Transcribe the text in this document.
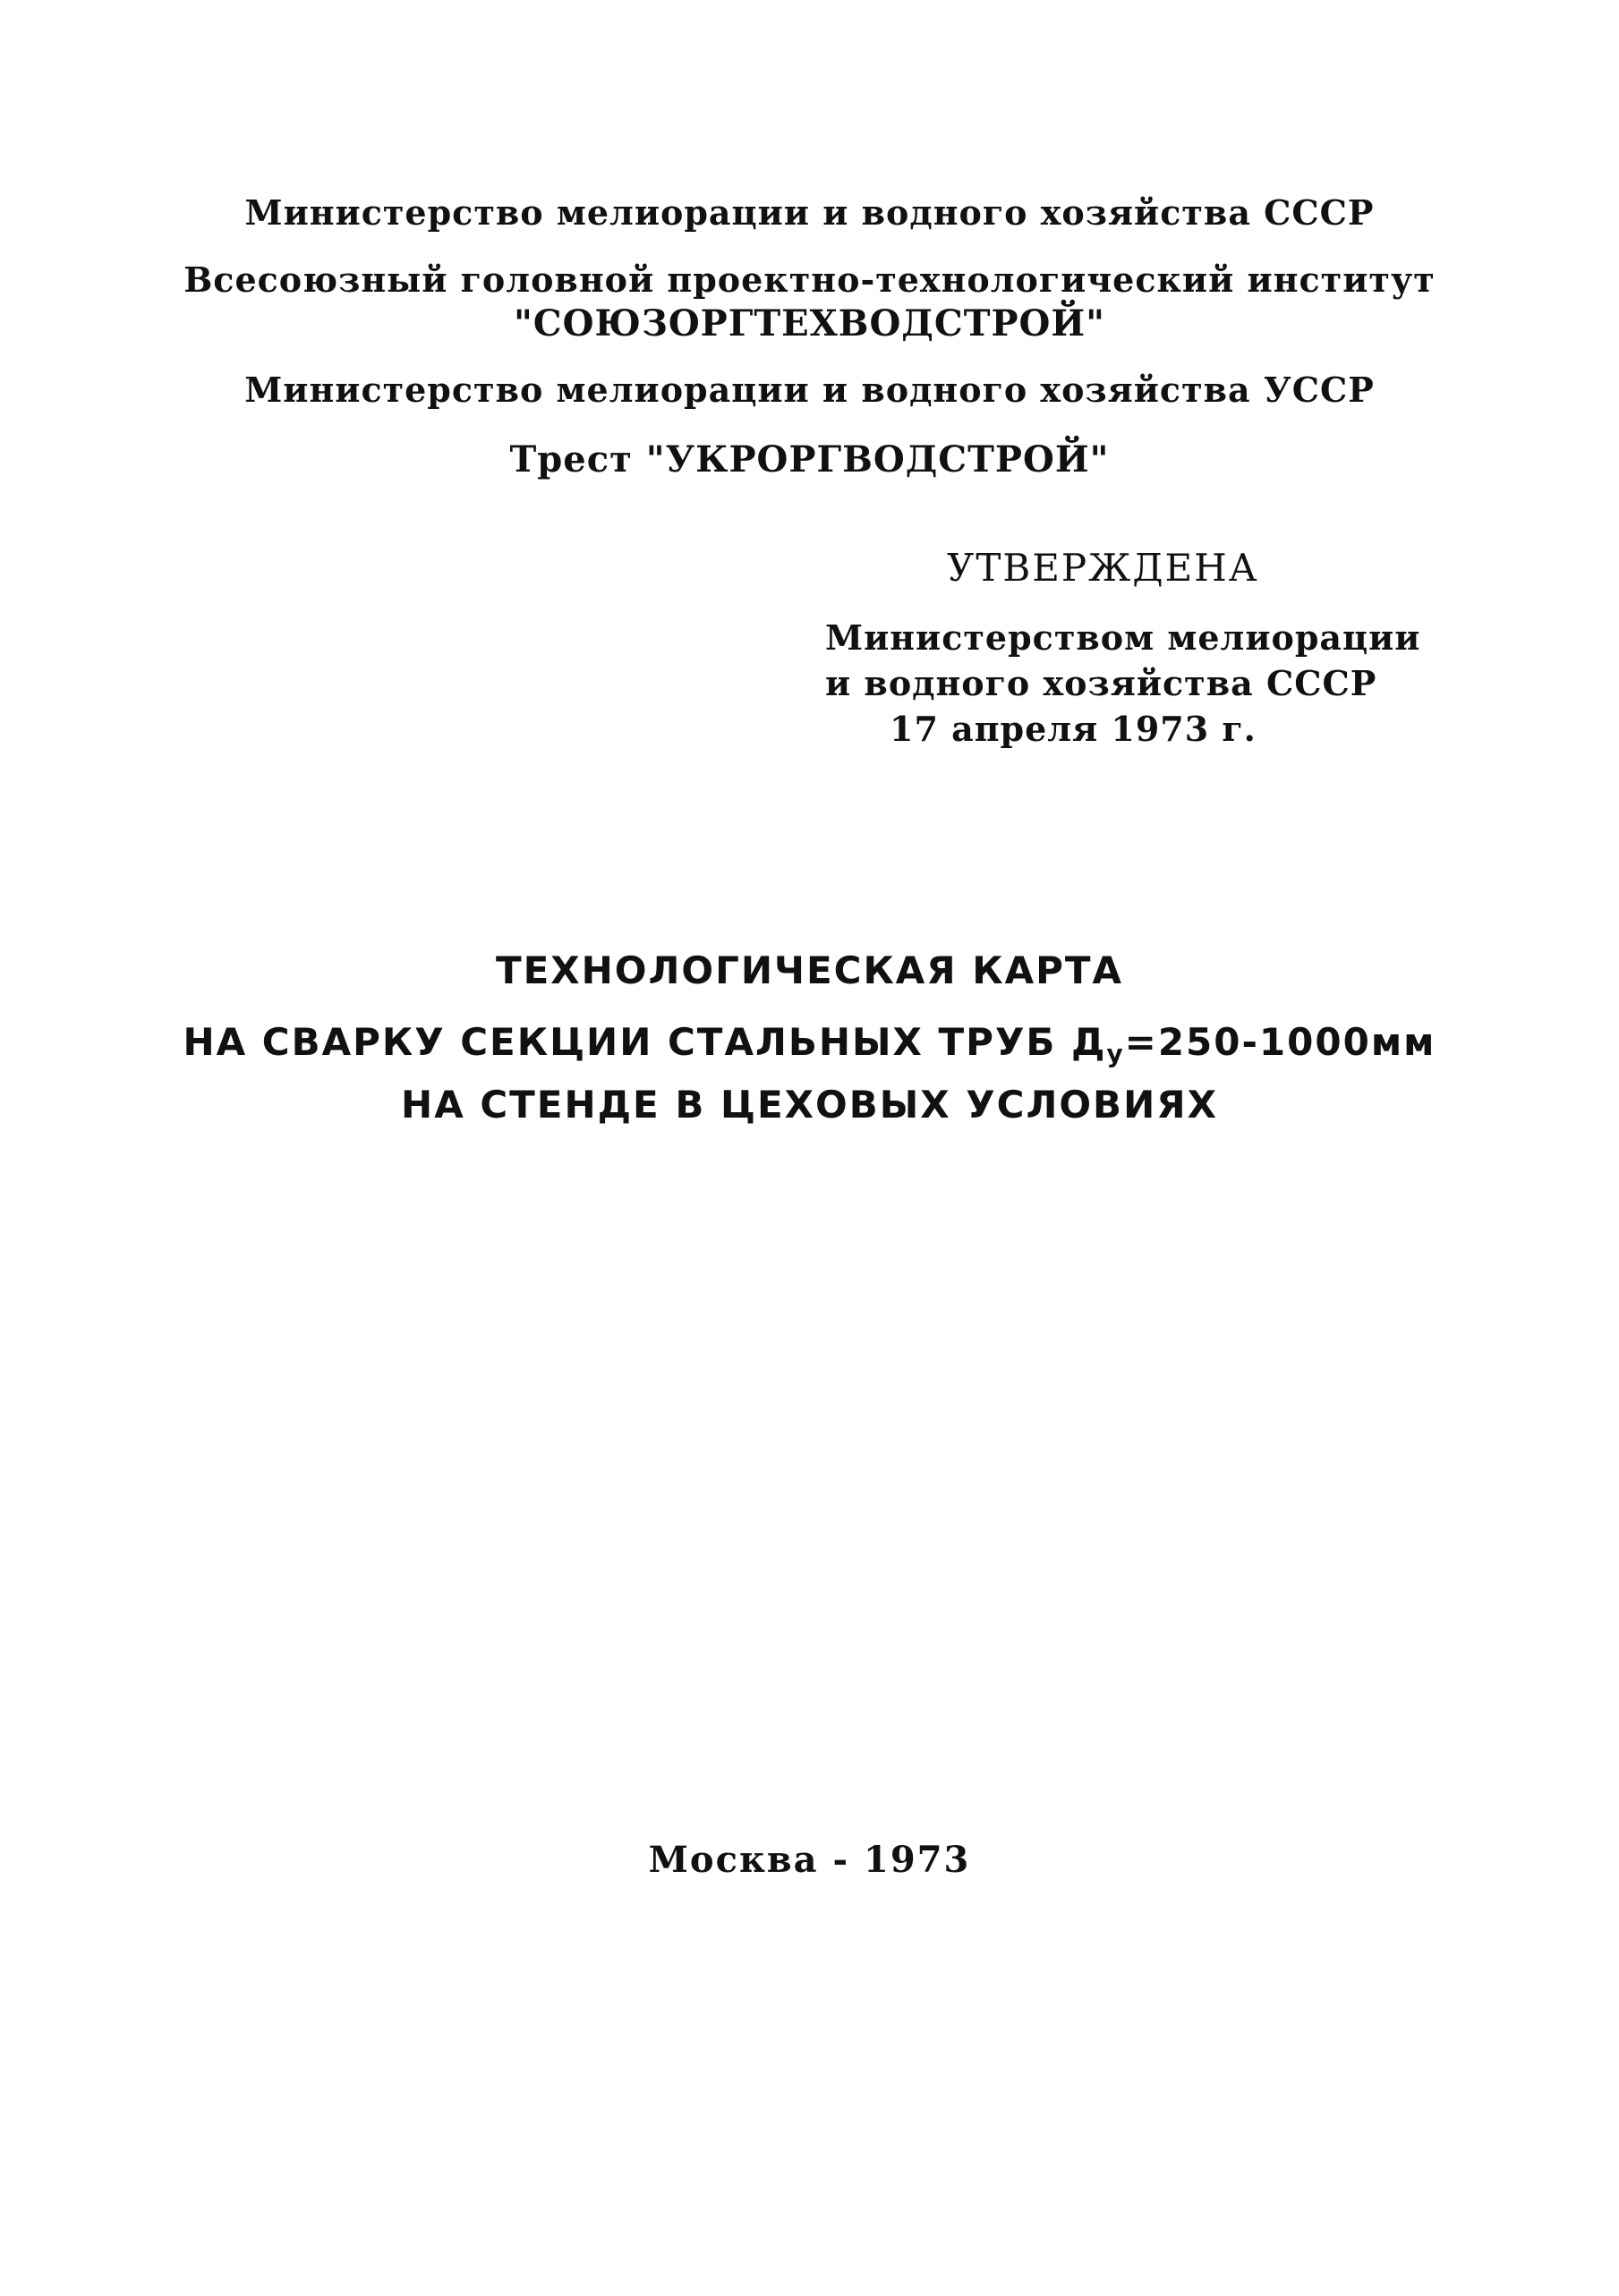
Министерство мелиорации и водного хозяйства СССР
Всесоюзный головной проектно-технологический институт
"СОЮЗОРГТЕХВОДСТРОЙ"
Министерство мелиорации и водного хозяйства УССР
Трест "УКРОРГВОДСТРОЙ"
УТВЕРЖДЕНА
Министерством мелиорации
и водного хозяйства СССР
17 апреля 1973 г.
ТЕХНОЛОГИЧЕСКАЯ КАРТА
НА СВАРКУ СЕКЦИИ СТАЛЬНЫХ ТРУБ $Д_у=250-1000мм$
НА СТЕНДЕ В ЦЕХОВЫХ УСЛОВИЯХ
Москва - 1973
